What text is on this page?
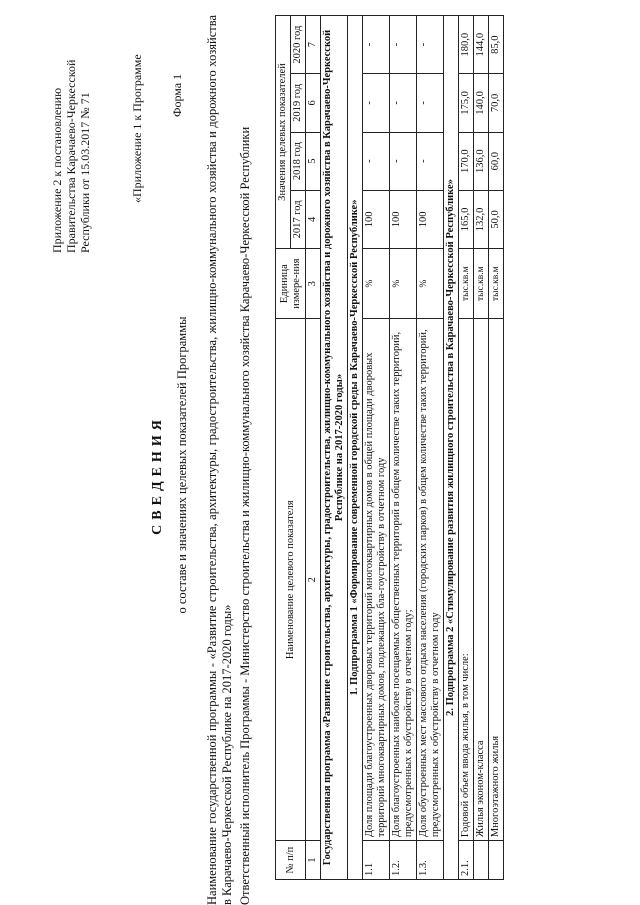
Приложение 2 к постановлению Правительства Карачаево-Черкесской Республики от 15.03.2017 № 71	«Приложение 1 к Программе Форма 1
СВЕДЕНИЯ о составе и значениях целевых показателей Программы Наименование государственной программы - «Развитие строительства, архитектуры, градостроительства, жилищно-коммунального хозяйства и дорожного хозяйства в Карачаево-Черкесской Республике на 2017-2020 годы» Ответственный исполнитель Программы - Министерство строительства и жилищно-коммунального хозяйства Карачаево-Черкесской Республики	№ п/п	Наименование целевого показателя	Единица измере-ния	Значения целевых показателей			
			2017 год	2018 год	2019 год	2020 год
1	2	3	4	5	6	7
Государственная программа «Развитие строительства, архитектуры, градостроительства, жилищно-коммунального хозяйства и дорожного хозяйства в Карачаево-Черкесской Республике на 2017-2020 годы»						
1. Подпрограмма 1 «Формирование современной городской среды в Карачаево-Черкесской Республике»						
1.1	Доля площади благоустроенных дворовых территорий многоквартирных домов в общей площади дворовых территорий многоквартирных домов, подлежащих бла-гоустройству в отчетном году	%	100	-	-	-
1.2.	Доля благоустроенных наиболее посещаемых общественных территорий в общем количестве таких территорий, предусмотренных к обустройству в отчетном году;	%	100	-	-	-
1.3.	Доля обустроенных мест массового отдыха населения (городских парков) в общем количестве таких территорий, предусмотренных к обустройству в отчетном году	%	100	-	-	-
2. Подпрограмма 2 «Стимулирование развития жилищного строительства в Карачаево-Черкесской Республике»						
2.1.	Годовой объем ввода жилья, в том числе:	тыс.кв.м	165,0	170,0	175,0	180,0
	Жилья эконом-класса	тыс.кв.м	132,0	136,0	140,0	144,0
	Многоэтажного жилья	тыс.кв.м	50,0	60,0	70,0	85,0
